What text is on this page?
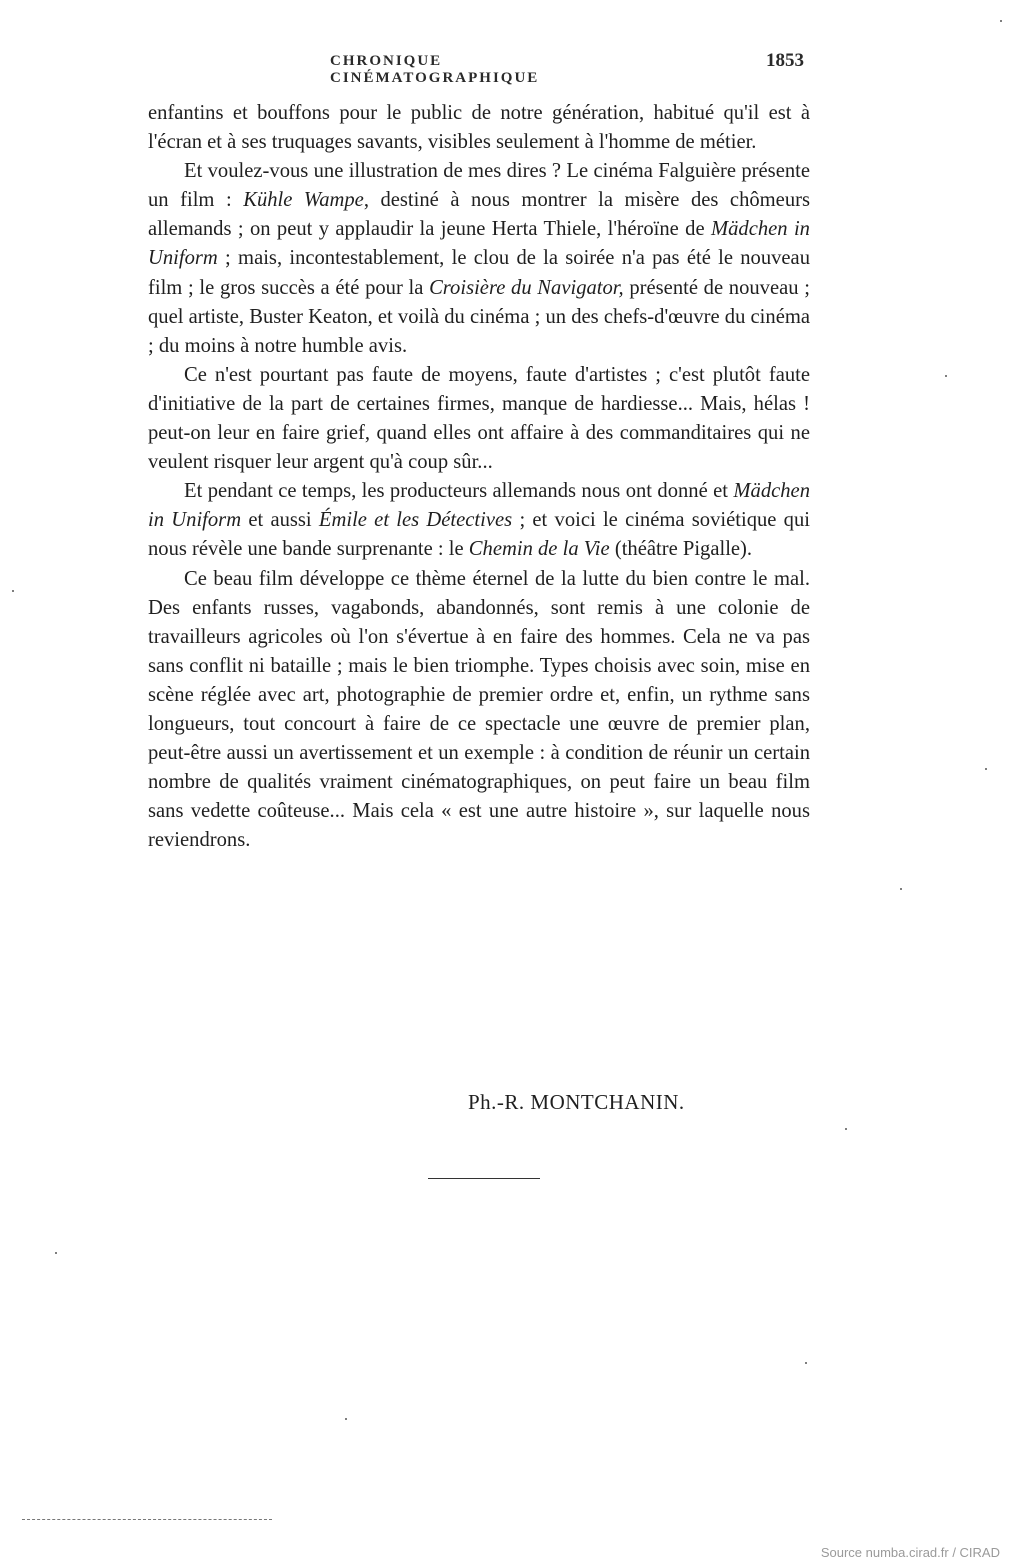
CHRONIQUE CINÉMATOGRAPHIQUE
1853

enfantins et bouffons pour le public de notre génération, habitué qu'il est à l'écran et à ses truquages savants, visibles seulement à l'homme de métier.

Et voulez-vous une illustration de mes dires ? Le cinéma Falguière présente un film : Kühle Wampe, destiné à nous montrer la misère des chômeurs allemands ; on peut y applaudir la jeune Herta Thiele, l'héroïne de Mädchen in Uniform ; mais, incontestablement, le clou de la soirée n'a pas été le nouveau film ; le gros succès a été pour la Croisière du Navigator, présenté de nouveau ; quel artiste, Buster Keaton, et voilà du cinéma ; un des chefs-d'œuvre du cinéma ; du moins à notre humble avis.

Ce n'est pourtant pas faute de moyens, faute d'artistes ; c'est plutôt faute d'initiative de la part de certaines firmes, manque de hardiesse... Mais, hélas ! peut-on leur en faire grief, quand elles ont affaire à des commanditaires qui ne veulent risquer leur argent qu'à coup sûr...

Et pendant ce temps, les producteurs allemands nous ont donné et Mädchen in Uniform et aussi Émile et les Détectives ; et voici le cinéma soviétique qui nous révèle une bande surprenante : le Chemin de la Vie (théâtre Pigalle).

Ce beau film développe ce thème éternel de la lutte du bien contre le mal. Des enfants russes, vagabonds, abandonnés, sont remis à une colonie de travailleurs agricoles où l'on s'évertue à en faire des hommes. Cela ne va pas sans conflit ni bataille ; mais le bien triomphe. Types choisis avec soin, mise en scène réglée avec art, photographie de premier ordre et, enfin, un rythme sans longueurs, tout concourt à faire de ce spectacle une œuvre de premier plan, peut-être aussi un avertissement et un exemple : à condition de réunir un certain nombre de qualités vraiment cinématographiques, on peut faire un beau film sans vedette coûteuse... Mais cela « est une autre histoire », sur laquelle nous reviendrons.

Ph.-R. MONTCHANIN.
Source numba.cirad.fr / CIRAD
